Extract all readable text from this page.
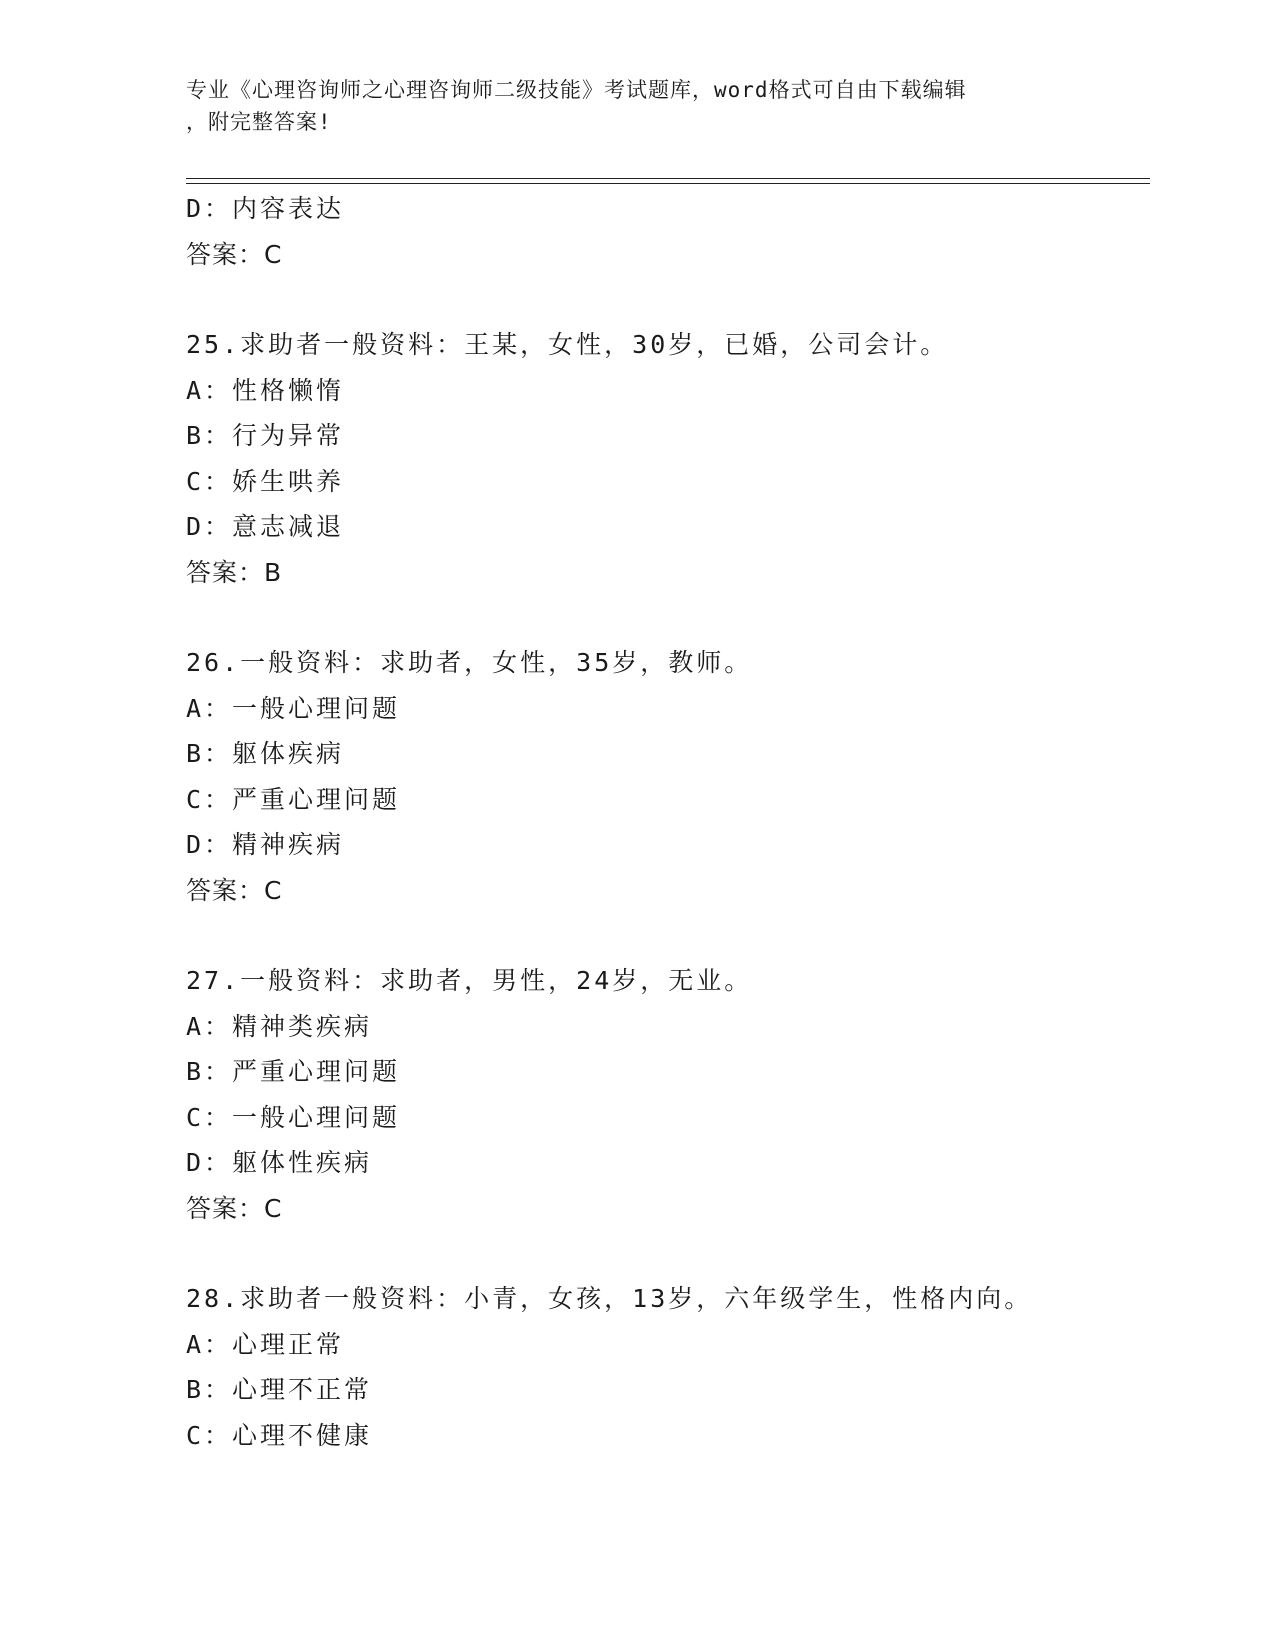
专业《心理咨询师之心理咨询师二级技能》考试题库，word格式可自由下载编辑
，附完整答案!
D：内容表达
答案：C
25.求助者一般资料：王某，女性，30岁，已婚，公司会计。
A：性格懒惰
B：行为异常
C：娇生哄养
D：意志减退
答案：B
26.一般资料：求助者，女性，35岁，教师。
A：一般心理问题
B：躯体疾病
C：严重心理问题
D：精神疾病
答案：C
27.一般资料：求助者，男性，24岁，无业。
A：精神类疾病
B：严重心理问题
C：一般心理问题
D：躯体性疾病
答案：C
28.求助者一般资料：小青，女孩，13岁，六年级学生，性格内向。
A：心理正常
B：心理不正常
C：心理不健康
